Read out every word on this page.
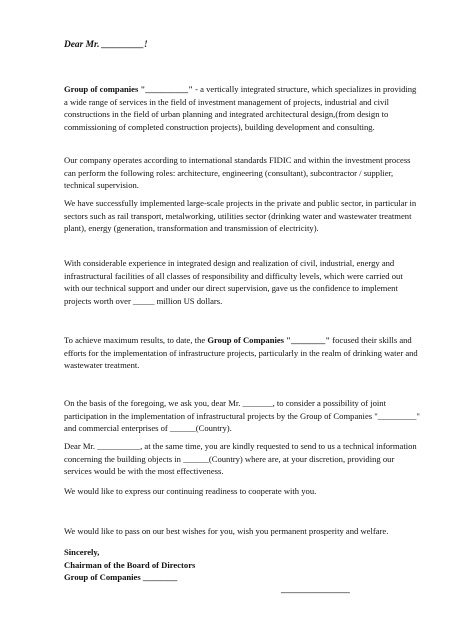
Dear Mr. _________!

Group of companies "__________" - a vertically integrated structure, which specializes in providing a wide range of services in the field of investment management of projects, industrial and civil constructions in the field of urban planning and integrated architectural design,(from design to commissioning of completed construction projects), building development and consulting.

Our company operates according to international standards FIDIC and within the investment process can perform the following roles: architecture, engineering (consultant), subcontractor / supplier, technical supervision.

We have successfully implemented large-scale projects in the private and public sector, in particular in sectors such as rail transport, metalworking, utilities sector (drinking water and wastewater treatment plant), energy (generation, transformation and transmission of electricity).

With considerable experience in integrated design and realization of civil, industrial, energy and infrastructural facilities of all classes of responsibility and difficulty levels, which were carried out with our technical support and under our direct supervision, gave us the confidence to implement projects worth over _____ million US dollars.

To achieve maximum results, to date, the Group of Companies "________" focused their skills and efforts for the implementation of infrastructure projects, particularly in the realm of drinking water and wastewater treatment.

On the basis of the foregoing, we ask you, dear Mr. _______, to consider a possibility of joint participation in the implementation of infrastructural projects by the Group of Companies "_________" and commercial enterprises of ______(Country).

Dear Mr. __________, at the same time, you are kindly requested to send to us a technical information concerning the building objects in ______(Country) where are, at your discretion, providing our services would be with the most effectiveness.

We would like to express our continuing readiness to cooperate with you.

We would like to pass on our best wishes for you, wish you permanent prosperity and welfare.

Sincerely,
Chairman of the Board of Directors
Group of Companies ________
________________
